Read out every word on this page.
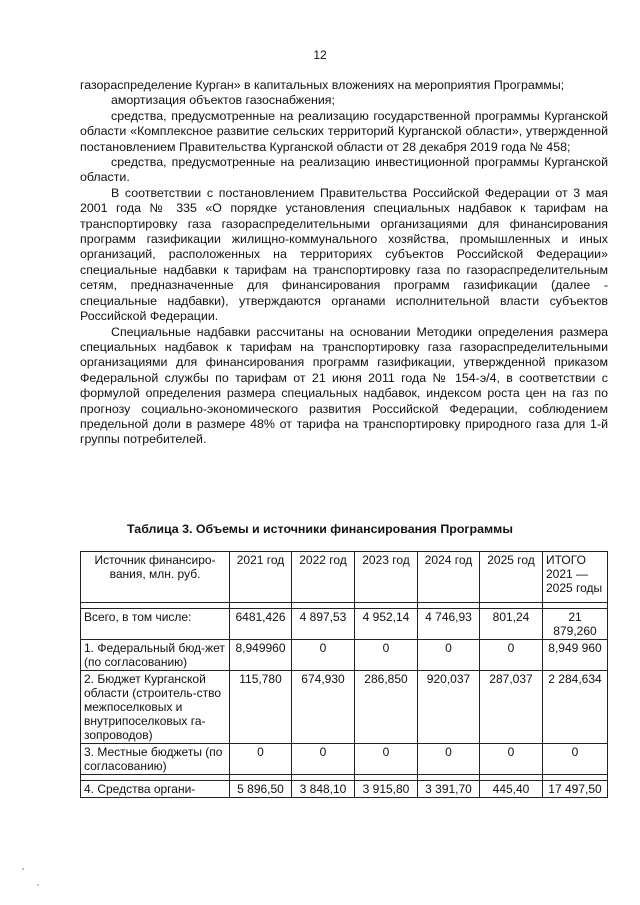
12

газораспределение Курган» в капитальных вложениях на мероприятия Программы;

амортизация объектов газоснабжения;

средства, предусмотренные на реализацию государственной программы Курганской области «Комплексное развитие сельских территорий Курганской области», утвержденной постановлением Правительства Курганской области от 28 декабря 2019 года № 458;

средства, предусмотренные на реализацию инвестиционной программы Курганской области.

В соответствии с постановлением Правительства Российской Федерации от 3 мая 2001 года № 335 «О порядке установления специальных надбавок к тарифам на транспортировку газа газораспределительными организациями для финансирования программ газификации жилищно-коммунального хозяйства, промышленных и иных организаций, расположенных на территориях субъектов Российской Федерации» специальные надбавки к тарифам на транспортировку газа по газораспределительным сетям, предназначенные для финансирования программ газификации (далее - специальные надбавки), утверждаются органами исполнительной власти субъектов Российской Федерации.

Специальные надбавки рассчитаны на основании Методики определения размера специальных надбавок к тарифам на транспортировку газа газораспределительными организациями для финансирования программ газификации, утвержденной приказом Федеральной службы по тарифам от 21 июня 2011 года № 154-э/4, в соответствии с формулой определения размера специальных надбавок, индексом роста цен на газ по прогнозу социально-экономического развития Российской Федерации, соблюдением предельной доли в размере 48% от тарифа на транспортировку природного газа для 1-й группы потребителей.

Таблица 3. Объемы и источники финансирования Программы
Источник финансиро-вания, млн. руб.	2021 год	2022 год	2023 год	2024 год	2025 год	ИТОГО 2021 — 2025 годы

Всего, в том числе:	6481,426	4 897,53	4 952,14	4 746,93	801,24	21 879,260
1. Федеральный бюд-жет (по согласованию)	8,949960	0	0	0	0	8,949 960
2. Бюджет Курганской области (строитель-ство межпоселковых и внутрипоселковых га-зопроводов)	115,780	674,930	286,850	920,037	287,037	2 284,634
3. Местные бюджеты (по согласованию)	0	0	0	0	0	0

4. Средства органи-	5 896,50	3 848,10	3 915,80	3 391,70	445,40	17 497,50
